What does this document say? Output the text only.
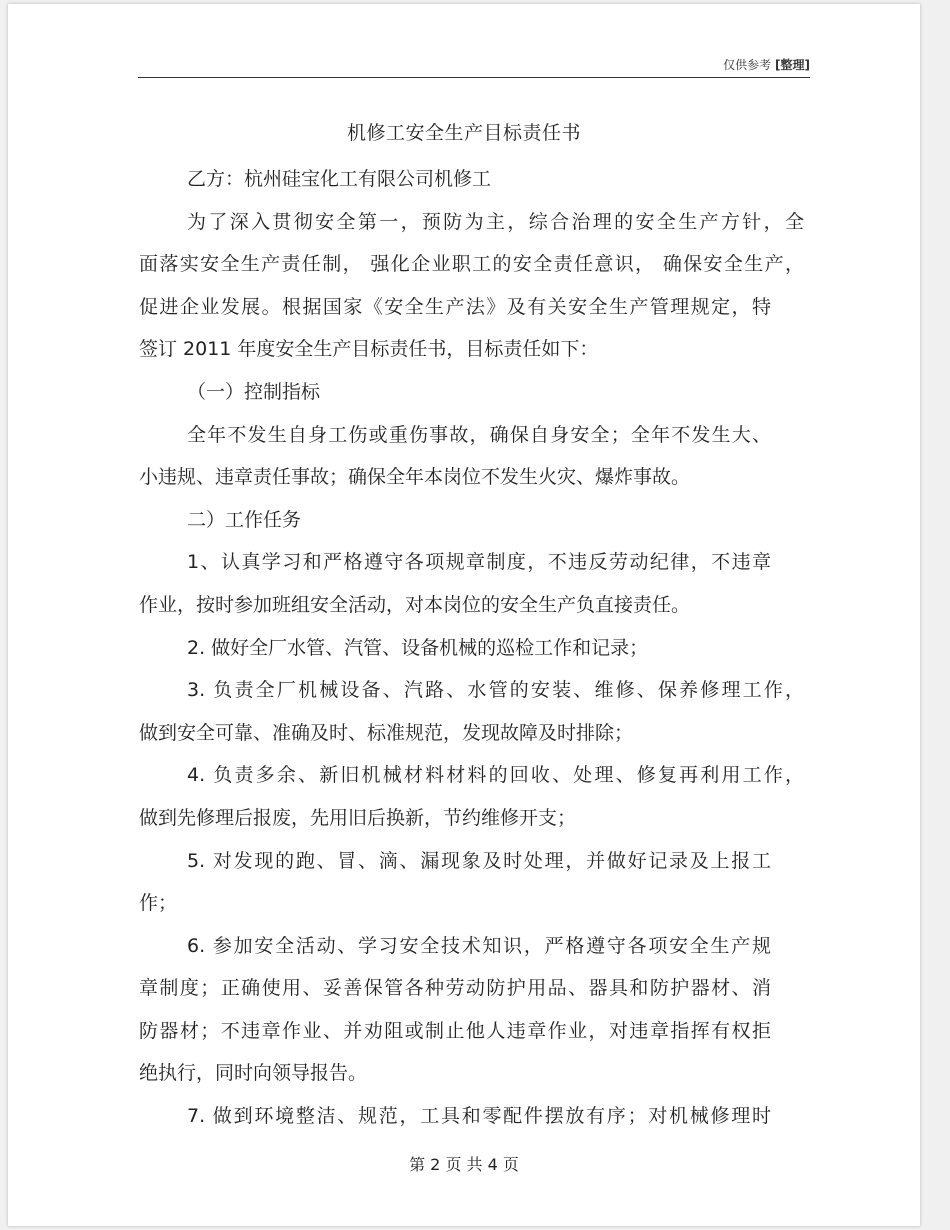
仅供参考 [整理]
机修工安全生产目标责任书
乙方：杭州硅宝化工有限公司机修工
为了深入贯彻安全第一，预防为主，综合治理的安全生产方针，全
面落实安全生产责任制， 强化企业职工的安全责任意识， 确保安全生产，
促进企业发展。根据国家《安全生产法》及有关安全生产管理规定，特
签订 2011 年度安全生产目标责任书，目标责任如下：
（一）控制指标
全年不发生自身工伤或重伤事故，确保自身安全；全年不发生大、
小违规、违章责任事故；确保全年本岗位不发生火灾、爆炸事故。
二）工作任务
1、认真学习和严格遵守各项规章制度，不违反劳动纪律，不违章
作业，按时参加班组安全活动，对本岗位的安全生产负直接责任。
2. 做好全厂水管、汽管、设备机械的巡检工作和记录；
3. 负责全厂机械设备、汽路、水管的安装、维修、保养修理工作，
做到安全可靠、准确及时、标准规范，发现故障及时排除；
4. 负责多余、新旧机械材料材料的回收、处理、修复再利用工作，
做到先修理后报废，先用旧后换新，节约维修开支；
5. 对发现的跑、冒、滴、漏现象及时处理，并做好记录及上报工
作；
6. 参加安全活动、学习安全技术知识，严格遵守各项安全生产规
章制度；正确使用、妥善保管各种劳动防护用品、器具和防护器材、消
防器材；不违章作业、并劝阻或制止他人违章作业，对违章指挥有权拒
绝执行，同时向领导报告。
7. 做到环境整洁、规范，工具和零配件摆放有序；对机械修理时
第 2 页 共 4 页
